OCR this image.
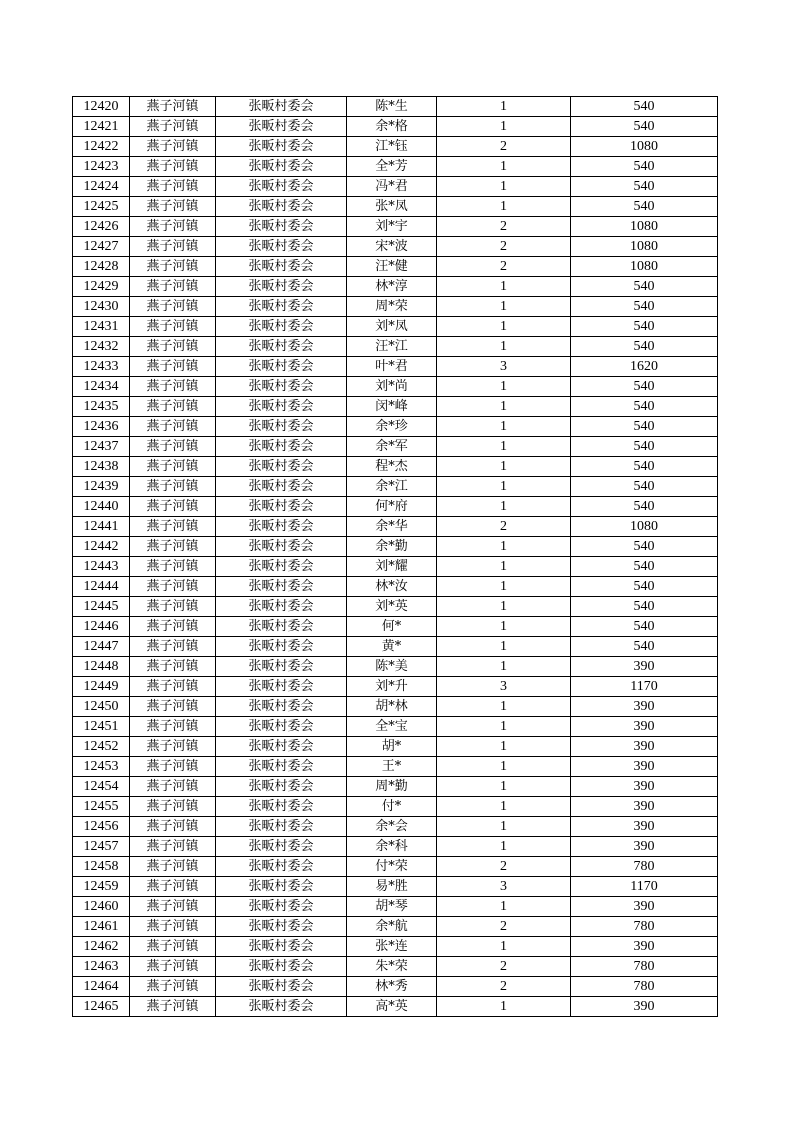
12420	燕子河镇	张畈村委会	陈*生	1	540
12421	燕子河镇	张畈村委会	余*格	1	540
12422	燕子河镇	张畈村委会	江*钰	2	1080
12423	燕子河镇	张畈村委会	全*芳	1	540
12424	燕子河镇	张畈村委会	冯*君	1	540
12425	燕子河镇	张畈村委会	张*凤	1	540
12426	燕子河镇	张畈村委会	刘*宇	2	1080
12427	燕子河镇	张畈村委会	宋*波	2	1080
12428	燕子河镇	张畈村委会	汪*健	2	1080
12429	燕子河镇	张畈村委会	林*淳	1	540
12430	燕子河镇	张畈村委会	周*荣	1	540
12431	燕子河镇	张畈村委会	刘*凤	1	540
12432	燕子河镇	张畈村委会	汪*江	1	540
12433	燕子河镇	张畈村委会	叶*君	3	1620
12434	燕子河镇	张畈村委会	刘*尚	1	540
12435	燕子河镇	张畈村委会	闵*峰	1	540
12436	燕子河镇	张畈村委会	余*珍	1	540
12437	燕子河镇	张畈村委会	余*军	1	540
12438	燕子河镇	张畈村委会	程*杰	1	540
12439	燕子河镇	张畈村委会	余*江	1	540
12440	燕子河镇	张畈村委会	何*府	1	540
12441	燕子河镇	张畈村委会	余*华	2	1080
12442	燕子河镇	张畈村委会	余*勤	1	540
12443	燕子河镇	张畈村委会	刘*耀	1	540
12444	燕子河镇	张畈村委会	林*汝	1	540
12445	燕子河镇	张畈村委会	刘*英	1	540
12446	燕子河镇	张畈村委会	何*	1	540
12447	燕子河镇	张畈村委会	黄*	1	540
12448	燕子河镇	张畈村委会	陈*美	1	390
12449	燕子河镇	张畈村委会	刘*升	3	1170
12450	燕子河镇	张畈村委会	胡*林	1	390
12451	燕子河镇	张畈村委会	全*宝	1	390
12452	燕子河镇	张畈村委会	胡*	1	390
12453	燕子河镇	张畈村委会	王*	1	390
12454	燕子河镇	张畈村委会	周*勤	1	390
12455	燕子河镇	张畈村委会	付*	1	390
12456	燕子河镇	张畈村委会	余*会	1	390
12457	燕子河镇	张畈村委会	余*科	1	390
12458	燕子河镇	张畈村委会	付*荣	2	780
12459	燕子河镇	张畈村委会	易*胜	3	1170
12460	燕子河镇	张畈村委会	胡*琴	1	390
12461	燕子河镇	张畈村委会	余*航	2	780
12462	燕子河镇	张畈村委会	张*连	1	390
12463	燕子河镇	张畈村委会	朱*荣	2	780
12464	燕子河镇	张畈村委会	林*秀	2	780
12465	燕子河镇	张畈村委会	高*英	1	390
